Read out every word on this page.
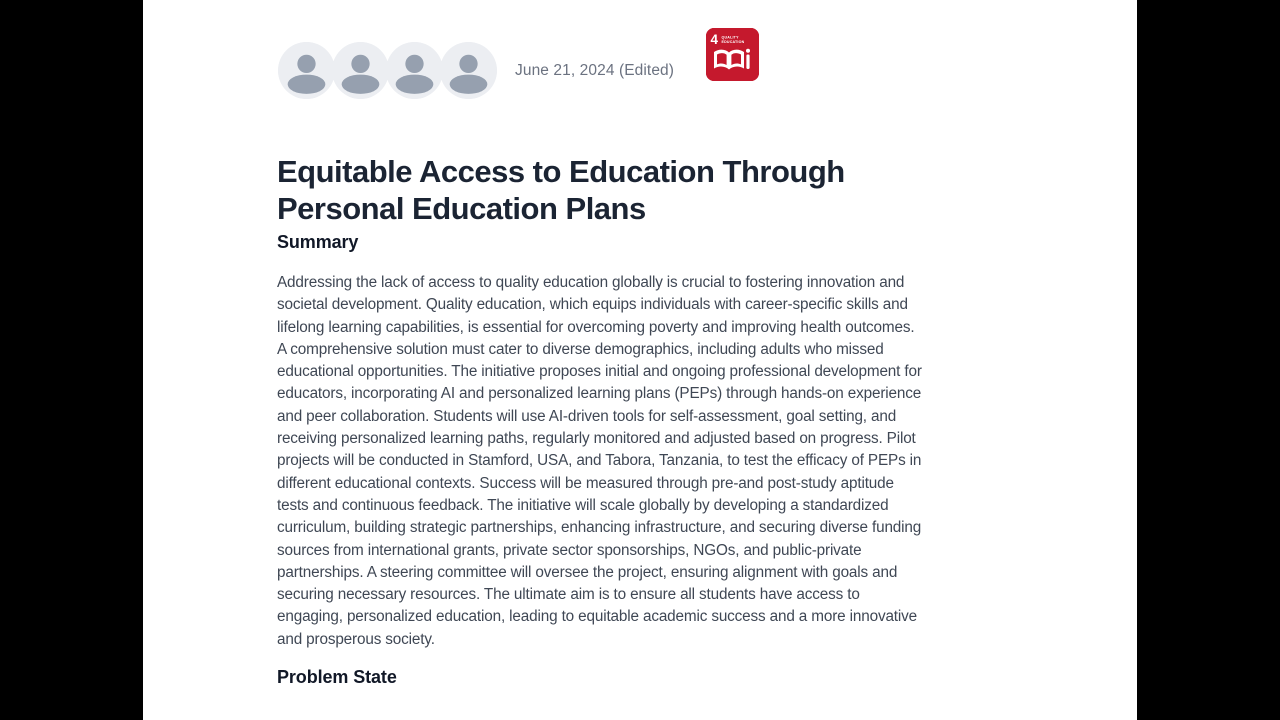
June 21, 2024 (Edited)
4 QUALITY
EDUCATION
Equitable Access to Education Through Personal Education Plans
Summary

Addressing the lack of access to quality education globally is crucial to fostering innovation and societal development. Quality education, which equips individuals with career-specific skills and lifelong learning capabilities, is essential for overcoming poverty and improving health outcomes. A comprehensive solution must cater to diverse demographics, including adults who missed educational opportunities. The initiative proposes initial and ongoing professional development for educators, incorporating AI and personalized learning plans (PEPs) through hands-on experience and peer collaboration. Students will use AI-driven tools for self-assessment, goal setting, and receiving personalized learning paths, regularly monitored and adjusted based on progress. Pilot projects will be conducted in Stamford, USA, and Tabora, Tanzania, to test the efficacy of PEPs in different educational contexts. Success will be measured through pre-and post-study aptitude tests and continuous feedback. The initiative will scale globally by developing a standardized curriculum, building strategic partnerships, enhancing infrastructure, and securing diverse funding sources from international grants, private sector sponsorships, NGOs, and public-private partnerships. A steering committee will oversee the project, ensuring alignment with goals and securing necessary resources. The ultimate aim is to ensure all students have access to engaging, personalized education, leading to equitable academic success and a more innovative and prosperous society.

Problem State
